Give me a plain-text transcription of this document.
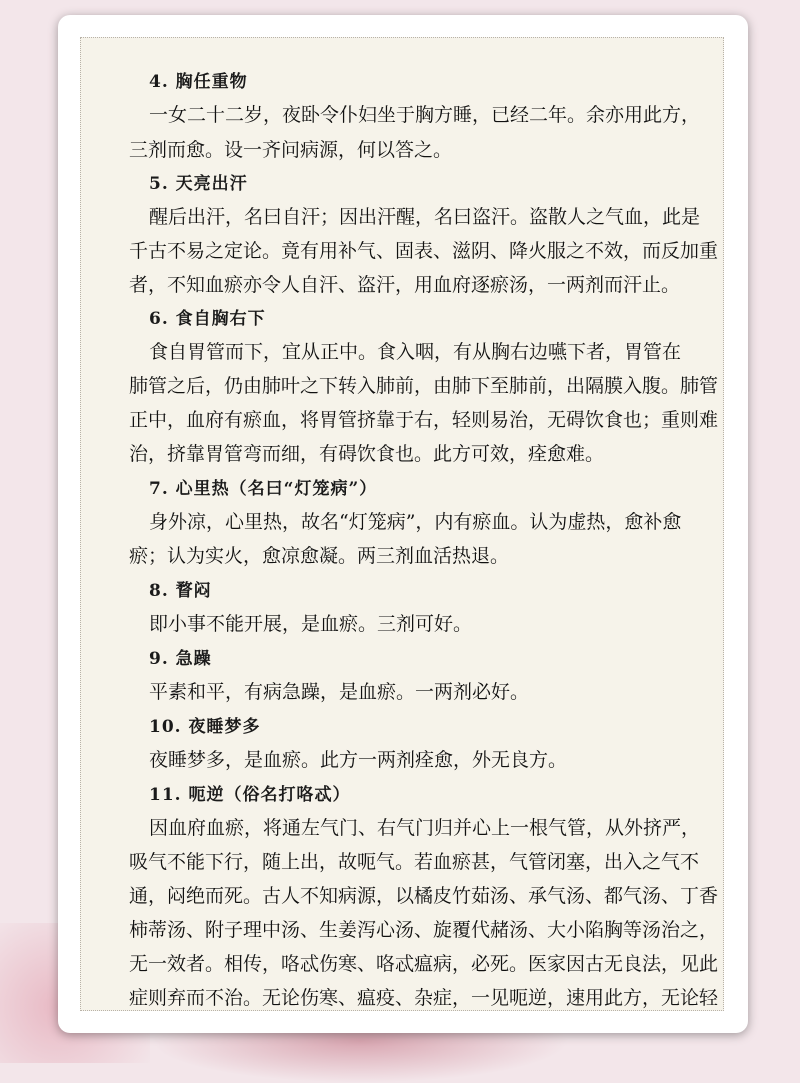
4. 胸任重物
一女二十二岁，夜卧令仆妇坐于胸方睡，已经二年。余亦用此方，
三剂而愈。设一齐问病源，何以答之。
5. 天亮出汗
醒后出汗，名曰自汗；因出汗醒，名曰盗汗。盗散人之气血，此是
千古不易之定论。竟有用补气、固表、滋阴、降火服之不效，而反加重
者，不知血瘀亦令人自汗、盗汗，用血府逐瘀汤，一两剂而汗止。
6. 食自胸右下
食自胃管而下，宜从正中。食入咽，有从胸右边嚥下者，胃管在
肺管之后，仍由肺叶之下转入肺前，由肺下至肺前，出隔膜入腹。肺管
正中，血府有瘀血，将胃管挤靠于右，轻则易治，无碍饮食也；重则难
治，挤靠胃管弯而细，有碍饮食也。此方可效，痊愈难。
7. 心里热（名曰“灯笼病”）
身外凉，心里热，故名“灯笼病”，内有瘀血。认为虚热，愈补愈
瘀；认为实火，愈凉愈凝。两三剂血活热退。
8. 瞀闷
即小事不能开展，是血瘀。三剂可好。
9. 急躁
平素和平，有病急躁，是血瘀。一两剂必好。
10. 夜睡梦多
夜睡梦多，是血瘀。此方一两剂痊愈，外无良方。
11. 呃逆（俗名打咯忒）
因血府血瘀，将通左气门、右气门归并心上一根气管，从外挤严，
吸气不能下行，随上出，故呃气。若血瘀甚，气管闭塞，出入之气不
通，闷绝而死。古人不知病源，以橘皮竹茹汤、承气汤、都气汤、丁香
柿蒂汤、附子理中汤、生姜泻心汤、旋覆代赭汤、大小陷胸等汤治之，
无一效者。相传，咯忒伤寒、咯忒瘟病，必死。医家因古无良法，见此
症则弃而不治。无论伤寒、瘟疫、杂症，一见呃逆，速用此方，无论轻
